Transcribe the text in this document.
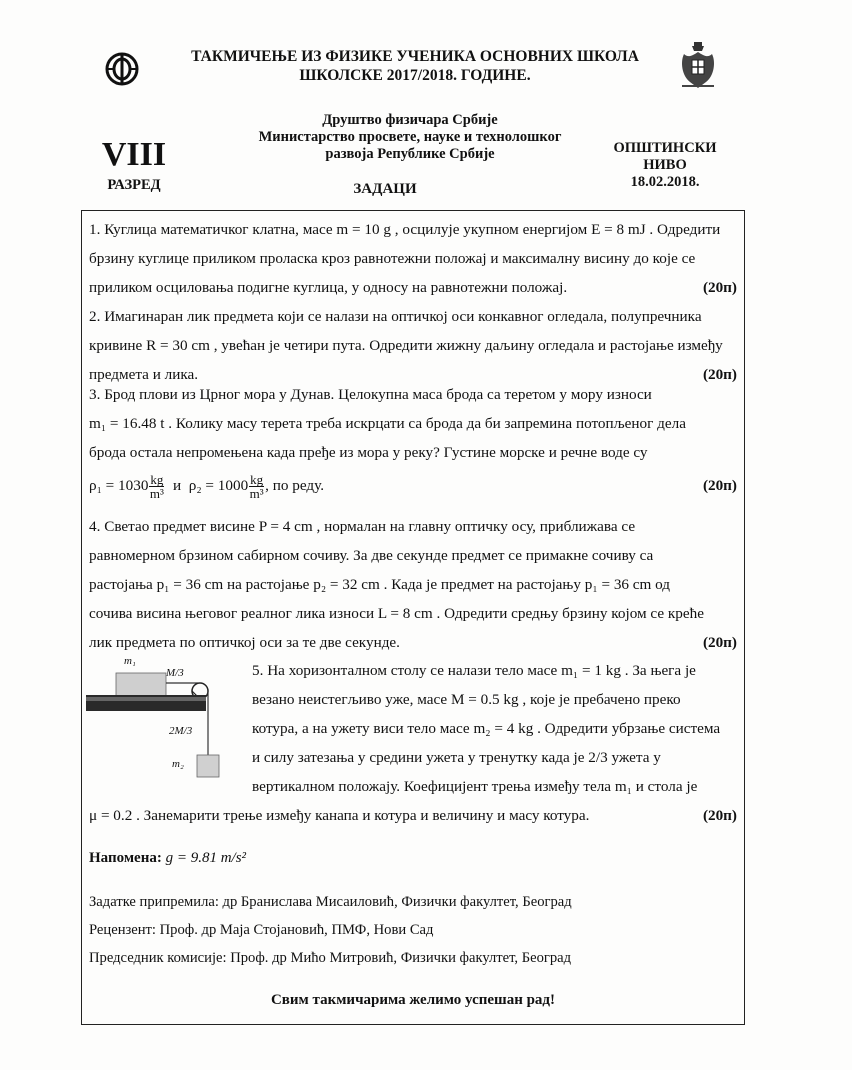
ТАКМИЧЕЊЕ ИЗ ФИЗИКЕ УЧЕНИКА ОСНОВНИХ ШКОЛА
ШКОЛСКЕ 2017/2018. ГОДИНЕ.
Друштво физичара Србије
Министарство просвете, науке и технолошког
развоја Републике Србије
VIII
РАЗРЕД
ОПШТИНСКИ НИВО
18.02.2018.
ЗАДАЦИ
1. Куглица математичког клатна, масе m = 10 g , осцилује укупном енергијом E = 8 mJ . Одредити
брзину куглице приликом проласка кроз равнотежни положај и максималну висину до које се
приликом осциловања подигне куглица, у односу на равнотежни положај.	(20п)
2. Имагинаран лик предмета који се налази на оптичкој оси конкавног огледала, полупречника
кривине R = 30 cm , увећан је четири пута. Одредити жижну даљину огледала и растојање између
предмета и лика.	(20п)
3. Брод плови из Црног мора у Дунав. Целокупна маса брода са теретом у мору износи
m₁ = 16.48 t . Колику масу терета треба искрцати са брода да би запремина потопљеног дела
брода остала непромењена када пређе из мора у реку? Густине морске и речне воде су
$\rho_1 = 1030 \frac{kg}{\text{m³}}$ и $\rho_2 = 1000 \frac{kg}{\text{m³}}$ , по реду.	(20п)
4. Светао предмет висине P = 4 cm , нормалан на главну оптичку осу, приближава се
равномерном брзином сабирном сочиву. За две секунде предмет се примакне сочиву са
растојања p₁ = 36 cm на растојање p₂ = 32 cm . Када је предмет на растојању p₁ = 36 cm од
сочива висина његовог реалног лика износи L = 8 cm . Одредити средњу брзину којом се креће
лик предмета по оптичкој оси за те две секунде.	(20п)
m₁
M/3
2M/3
m₂
5. На хоризонталном столу се налази тело масе m₁ = 1 kg . За њега је
везано неистегљиво уже, масе M = 0.5 kg , које је пребачено преко
котура, а на ужету виси тело масе m₂ = 4 kg . Одредити убрзање система
и силу затезања у средини ужета у тренутку када је 2/3 ужета у
вертикалном положају. Коефицијент трења између тела m₁ и стола је
μ = 0.2 . Занемарити трење између канапа и котура и величину и масу котура.	(20п)
Напомена: g = 9.81 m/s²
Задатке припремила: др Бранислава Мисаиловић, Физички факултет, Београд
Рецензент: Проф. др Маја Стојановић, ПМФ, Нови Сад
Председник комисије: Проф. др Мићо Митровић, Физички факултет, Београд
Свим такмичарима желимо успешан рад!
